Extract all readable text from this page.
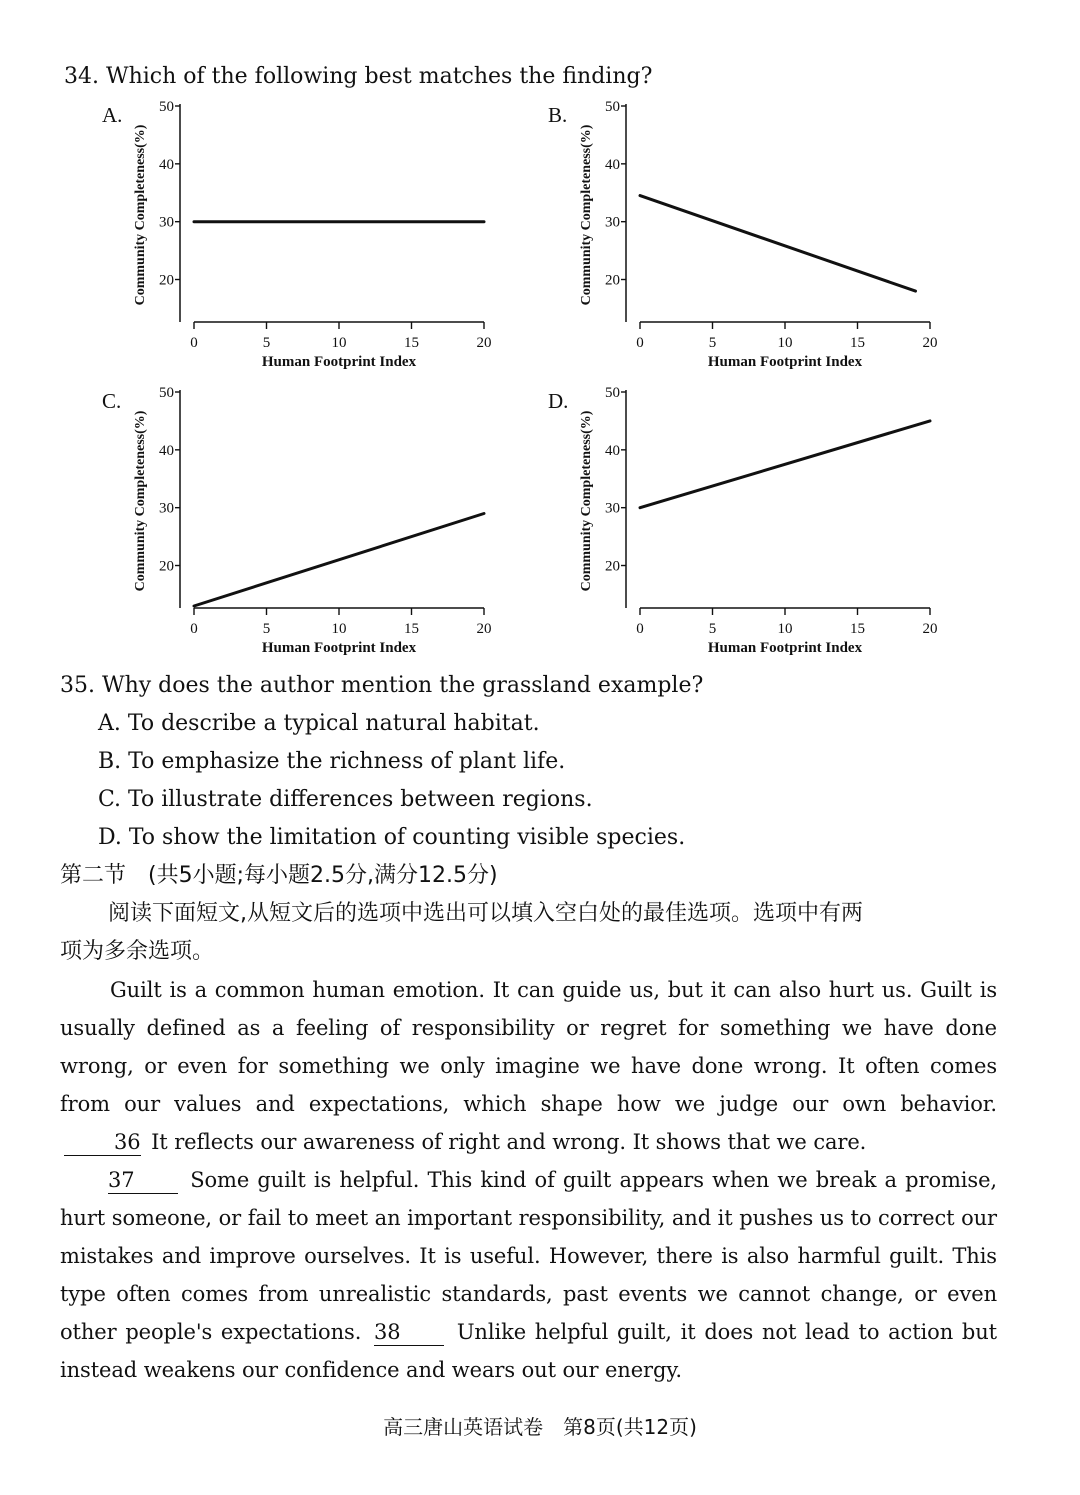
34. Which of the following best matches the finding?
A. 50
40
30
20
0	5	10	15	20
Human Footprint Index
Community Completeness(%)
B.	50
40
30
20
0	5	10	15	20
Human Footprint Index
Community Completeness(%)
C.	50
40
30
20
0	5	10	15	20
Human Footprint Index
Community Completeness(%)
D. 50
40
30
20
0	5	10	15	20
Human Footprint Index
Community Completeness(%)
35. Why does the author mention the grassland example?
A. To describe a typical natural habitat.
B. To emphasize the richness of plant life.
C. To illustrate differences between regions.
D. To show the limitation of counting visible species.
第二节　(共5小题;每小题2.5分,满分12.5分)
阅读下面短文,从短文后的选项中选出可以填入空白处的最佳选项。选项中有两
项为多余选项。
Guilt is a common human emotion. It can guide us, but it can also hurt us. Guilt is usually defined as a feeling of responsibility or regret for something we have done wrong, or even for something we only imagine we have done wrong. It often comes from our values and expectations, which shape how we judge our own behavior. 36 It reflects our awareness of right and wrong. It shows that we care.
37	Some guilt is helpful. This kind of guilt appears when we break a promise, hurt someone, or fail to meet an important responsibility, and it pushes us to correct our mistakes and improve ourselves. It is useful. However, there is also harmful guilt. This type often comes from unrealistic standards, past events we cannot change, or even other people's expectations. 38	Unlike helpful guilt, it does not lead to action but instead weakens our confidence and wears out our energy.
高三唐山英语试卷　第8页(共12页)
